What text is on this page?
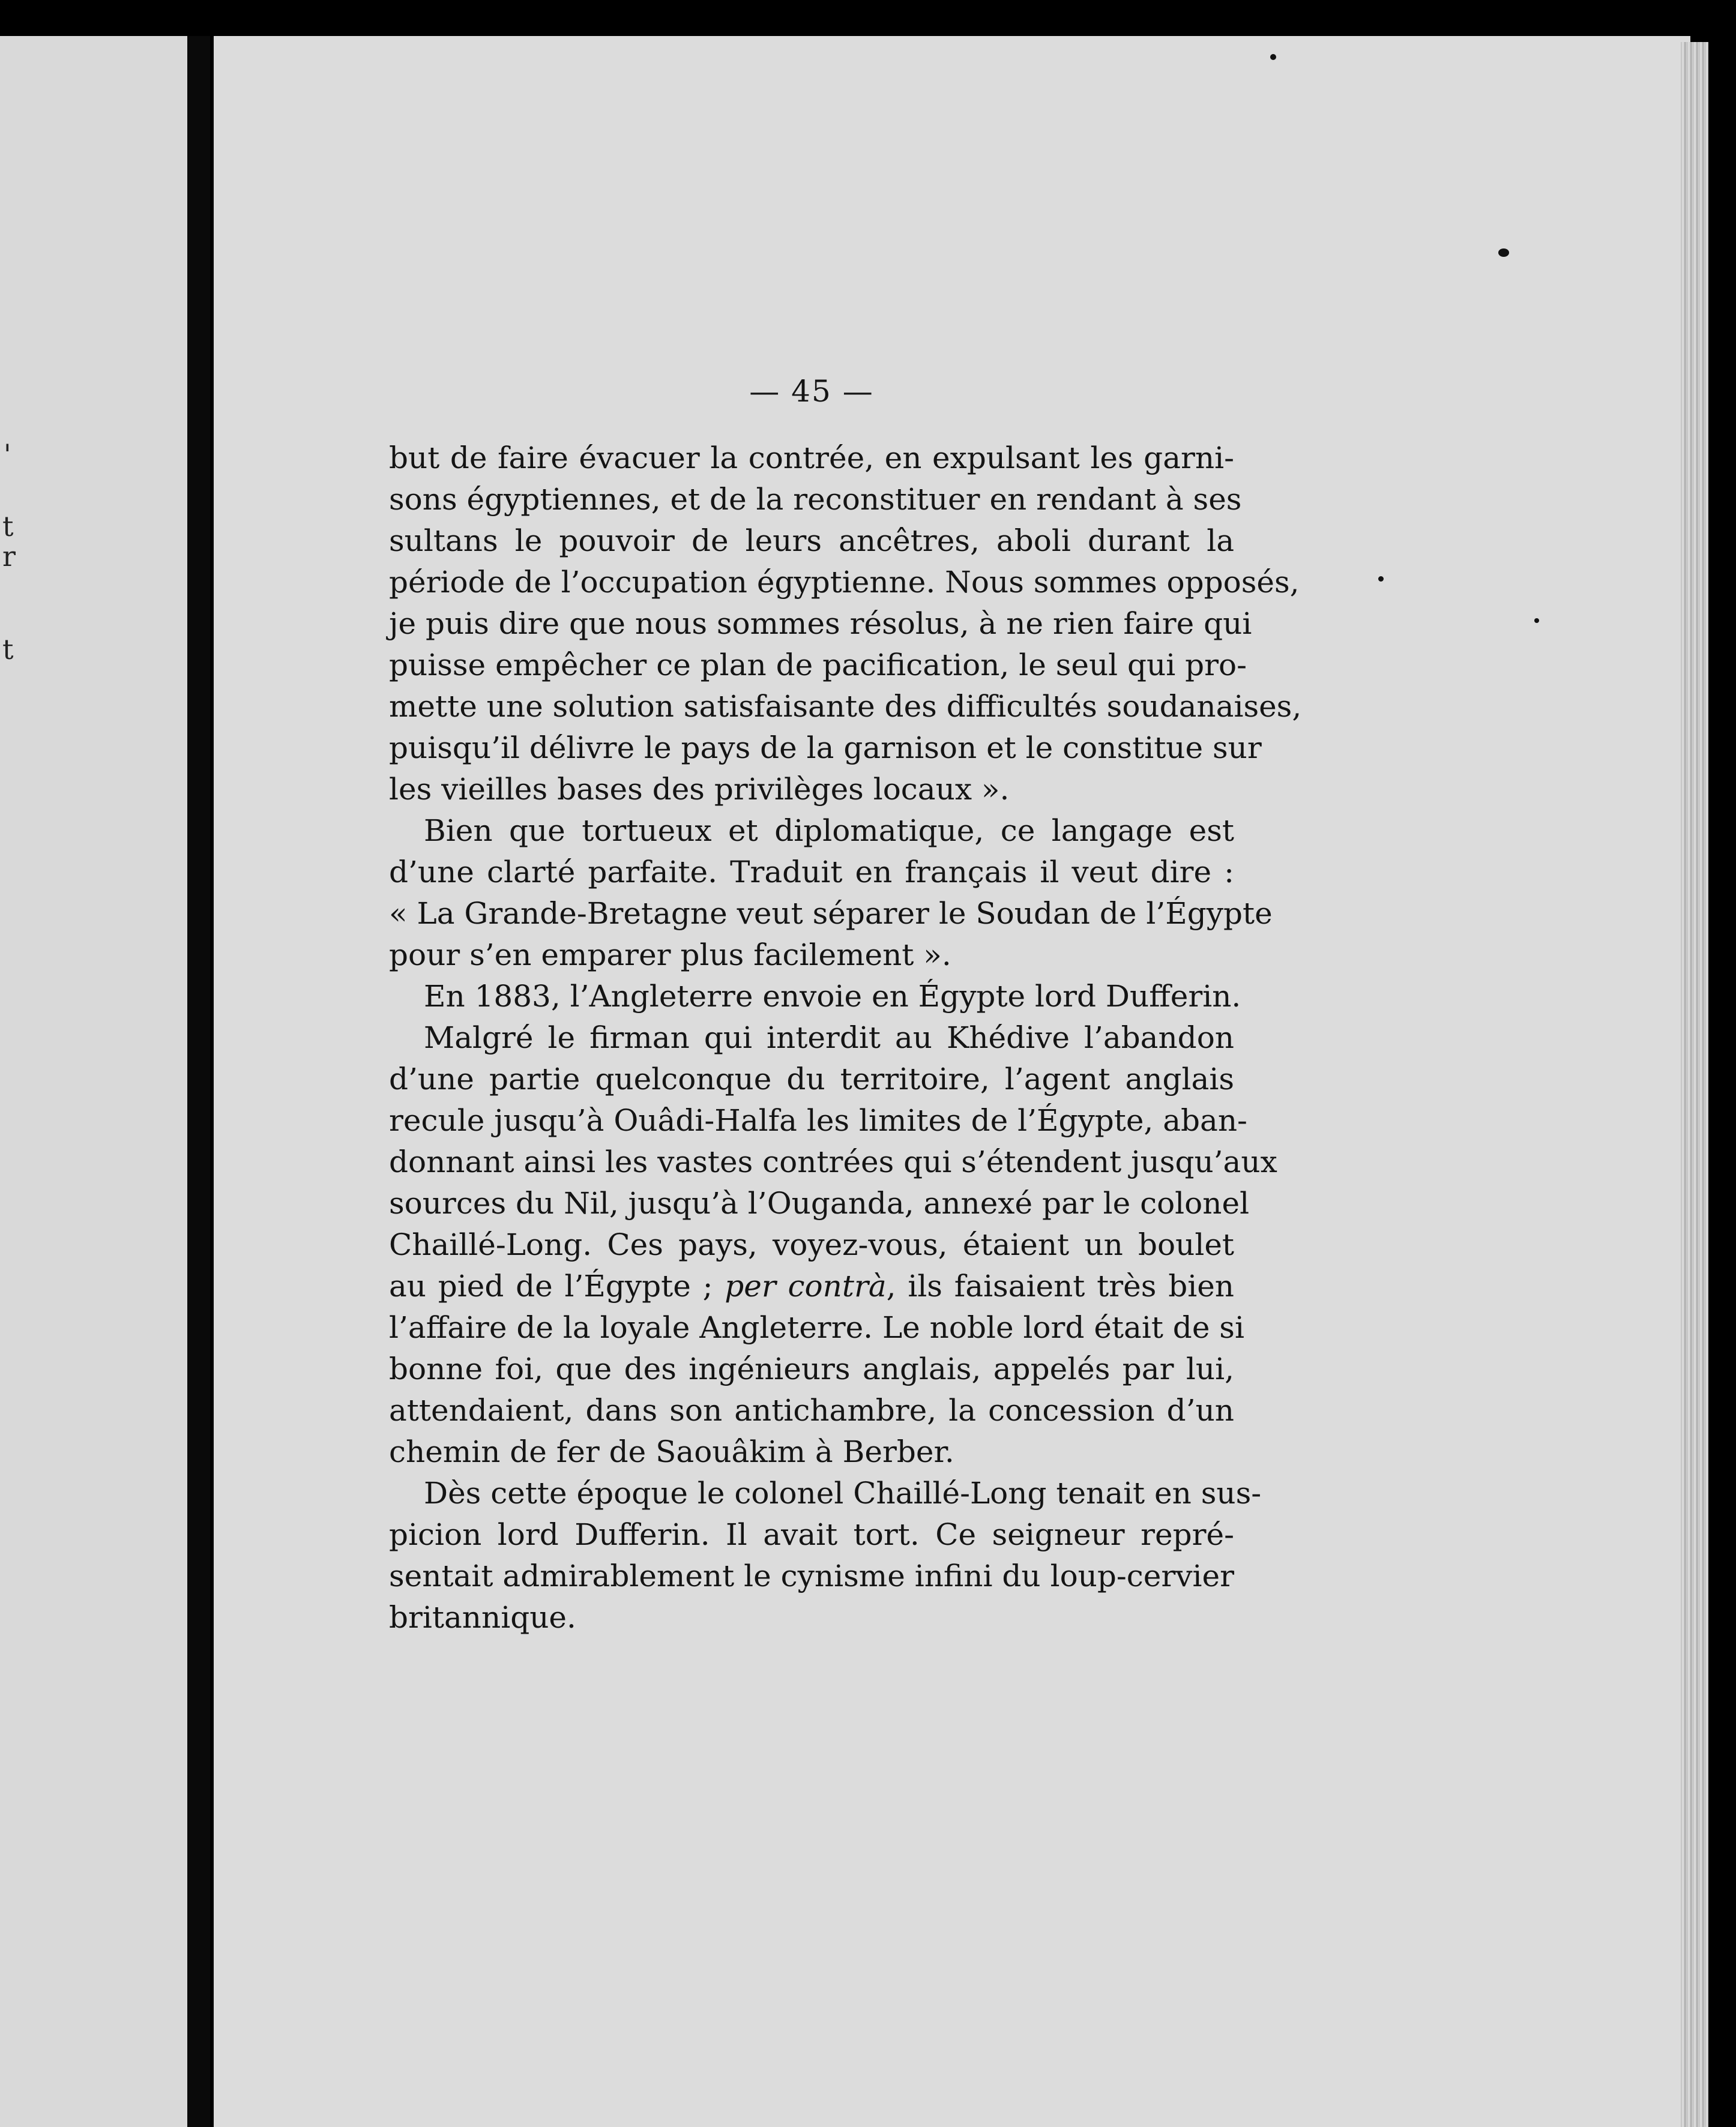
'
t
r
t
— 45 —
but de faire évacuer la contrée, en expulsant les garni-
sons égyptiennes, et de la reconstituer en rendant à ses
sultans le pouvoir de leurs ancêtres, aboli durant la
période de l’occupation égyptienne. Nous sommes opposés,
je puis dire que nous sommes résolus, à ne rien faire qui
puisse empêcher ce plan de pacification, le seul qui pro-
mette une solution satisfaisante des difficultés soudanaises,
puisqu’il délivre le pays de la garnison et le constitue sur
les vieilles bases des privilèges locaux ».
Bien que tortueux et diplomatique, ce langage est
d’une clarté parfaite. Traduit en français il veut dire :
« La Grande-Bretagne veut séparer le Soudan de l’Égypte
pour s’en emparer plus facilement ».
En 1883, l’Angleterre envoie en Égypte lord Dufferin.
Malgré le firman qui interdit au Khédive l’abandon
d’une partie quelconque du territoire, l’agent anglais
recule jusqu’à Ouâdi-Halfa les limites de l’Égypte, aban-
donnant ainsi les vastes contrées qui s’étendent jusqu’aux
sources du Nil, jusqu’à l’Ouganda, annexé par le colonel
Chaillé-Long. Ces pays, voyez-vous, étaient un boulet
au pied de l’Égypte ; per contrà, ils faisaient très bien
l’affaire de la loyale Angleterre. Le noble lord était de si
bonne foi, que des ingénieurs anglais, appelés par lui,
attendaient, dans son antichambre, la concession d’un
chemin de fer de Saouâkim à Berber.
Dès cette époque le colonel Chaillé-Long tenait en sus-
picion lord Dufferin. Il avait tort. Ce seigneur repré-
sentait admirablement le cynisme infini du loup-cervier
britannique.
